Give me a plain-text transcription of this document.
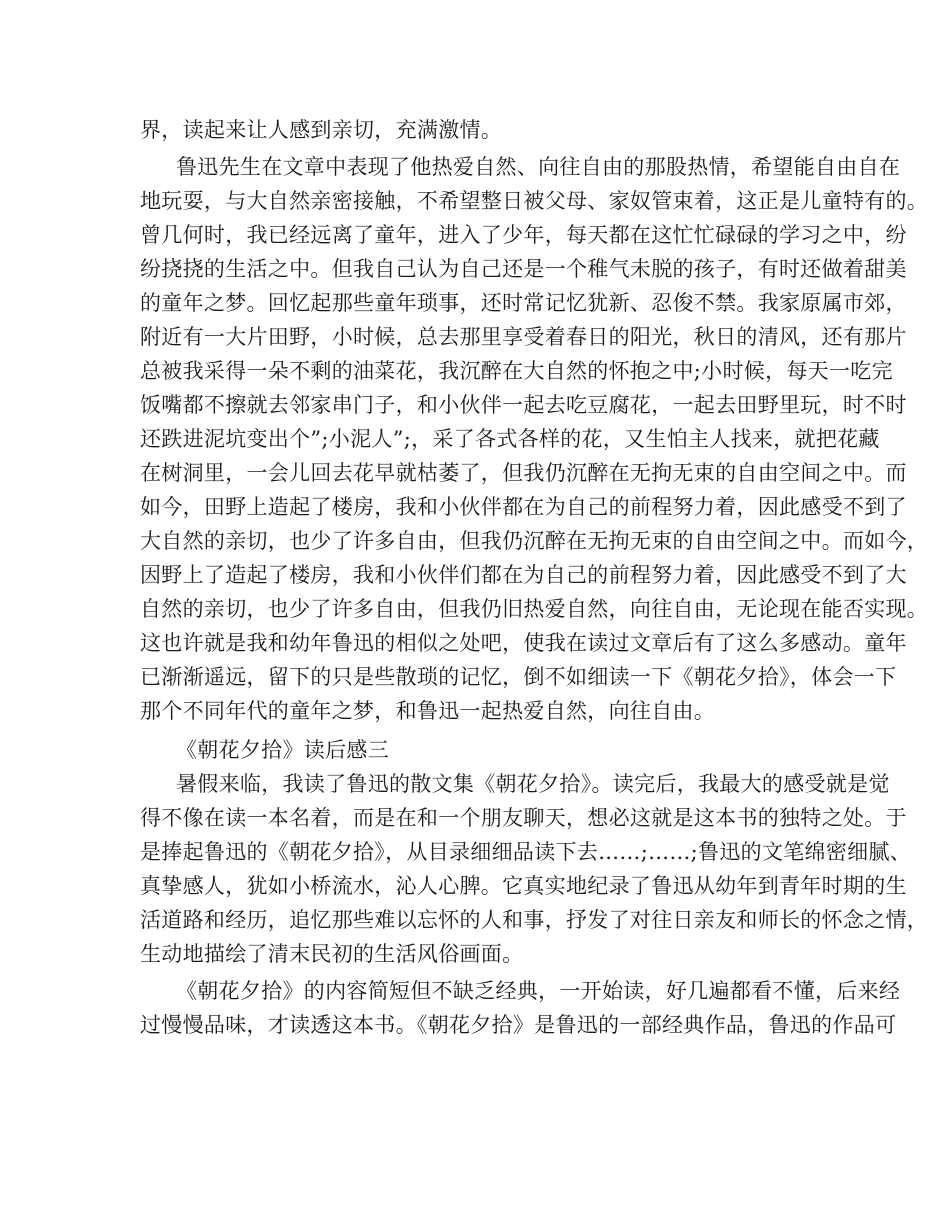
界，读起来让人感到亲切，充满激情。
鲁迅先生在文章中表现了他热爱自然、向往自由的那股热情，希望能自由自在
地玩耍，与大自然亲密接触，不希望整日被父母、家奴管束着，这正是儿童特有的。
曾几何时，我已经远离了童年，进入了少年，每天都在这忙忙碌碌的学习之中，纷
纷挠挠的生活之中。但我自己认为自己还是一个稚气未脱的孩子，有时还做着甜美
的童年之梦。回忆起那些童年琐事，还时常记忆犹新、忍俊不禁。我家原属市郊，
附近有一大片田野，小时候，总去那里享受着春日的阳光，秋日的清风，还有那片
总被我采得一朵不剩的油菜花，我沉醉在大自然的怀抱之中;小时候，每天一吃完
饭嘴都不擦就去邻家串门子，和小伙伴一起去吃豆腐花，一起去田野里玩，时不时
还跌进泥坑变出个”;小泥人”;，采了各式各样的花，又生怕主人找来，就把花藏
在树洞里，一会儿回去花早就枯萎了，但我仍沉醉在无拘无束的自由空间之中。而
如今，田野上造起了楼房，我和小伙伴都在为自己的前程努力着，因此感受不到了
大自然的亲切，也少了许多自由，但我仍沉醉在无拘无束的自由空间之中。而如今，
因野上了造起了楼房，我和小伙伴们都在为自己的前程努力着，因此感受不到了大
自然的亲切，也少了许多自由，但我仍旧热爱自然，向往自由，无论现在能否实现。
这也许就是我和幼年鲁迅的相似之处吧，使我在读过文章后有了这么多感动。童年
已渐渐遥远，留下的只是些散琐的记忆，倒不如细读一下《朝花夕拾》，体会一下
那个不同年代的童年之梦，和鲁迅一起热爱自然，向往自由。
《朝花夕拾》读后感三
暑假来临，我读了鲁迅的散文集《朝花夕拾》。读完后，我最大的感受就是觉
得不像在读一本名着，而是在和一个朋友聊天，想必这就是这本书的独特之处。于
是捧起鲁迅的《朝花夕拾》，从目录细细品读下去……;……;鲁迅的文笔绵密细腻、
真挚感人，犹如小桥流水，沁人心脾。它真实地纪录了鲁迅从幼年到青年时期的生
活道路和经历，追忆那些难以忘怀的人和事，抒发了对往日亲友和师长的怀念之情，
生动地描绘了清末民初的生活风俗画面。
《朝花夕拾》的内容简短但不缺乏经典，一开始读，好几遍都看不懂，后来经
过慢慢品味，才读透这本书。《朝花夕拾》是鲁迅的一部经典作品，鲁迅的作品可
